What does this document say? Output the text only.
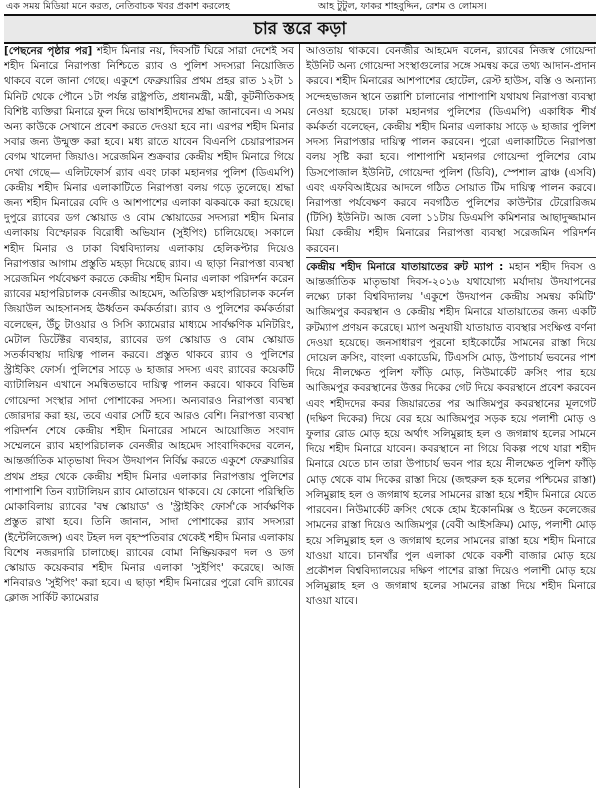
এক সময় মিডিয়া মনে করত, নেতিবাচক খবর প্রকাশ করলেহ	আহ টুটুল, ফাকর শাহবুদ্দিন, রেশম ও লোমস।
চার স্তরে কড়া

[পেছনের পৃষ্ঠার পর] শহীদ মিনার নয়, দিবসটি ঘিরে সারা দেশেই সব শহীদ মিনারে নিরাপত্তা নিশ্চিতে র‌্যাব ও পুলিশ সদস্যরা নিয়োজিত থাকবে বলে জানা গেছে। একুশে ফেব্রুয়ারির প্রথম প্রহর রাত ১২টা ১ মিনিট থেকে পৌনে ১টা পর্যন্ত রাষ্ট্রপতি, প্রধানমন্ত্রী, মন্ত্রী, কূটনীতিকসহ বিশিষ্ট ব্যক্তিরা মিনারে ফুল দিয়ে ভাষাশহীদদের শ্রদ্ধা জানাবেন। এ সময় অন্য কাউকে সেখানে প্রবেশ করতে দেওয়া হবে না। এরপর শহীদ মিনার সবার জন্য উন্মুক্ত করা হবে। মধ্য রাতে যাবেন বিএনপি চেয়ারপারসন বেগম খালেদা জিয়াও। সরেজমিন শুক্রবার কেন্দ্রীয় শহীদ মিনারে গিয়ে দেখা গেছে— এলিটফোর্স র‌্যাব এবং ঢাকা মহানগর পুলিশ (ডিএমপি) কেন্দ্রীয় শহীদ মিনার এলাকাটিতে নিরাপত্তা বলয় গড়ে তুলেছে। শ্রদ্ধা জন্য শহীদ মিনারের বেদি ও আশপাশের এলাকা ঝকঝকে করা হয়েছে। দুপুরে র‌্যাবের ডগ স্কোয়াড ও বোম স্কোয়াডের সদস্যরা শহীদ মিনার এলাকায় বিস্ফোরক বিরোধী অভিযান (সুইপিং) চালিয়েছে। সকালে শহীদ মিনার ও ঢাকা বিশ্ববিদ্যালয় এলাকায় হেলিকপ্টার দিয়েও নিরাপত্তার আগাম প্রস্তুতি মহড়া দিয়েছে র‌্যাব। এ ছাড়া নিরাপত্তা ব্যবস্থা সরেজমিন পর্যবেক্ষণ করতে কেন্দ্রীয় শহীদ মিনার এলাকা পরিদর্শন করেন র‌্যাবের মহাপরিচালক বেনজীর আহমেদ, অতিরিক্ত মহাপরিচালক কর্নেল জিয়াউল আহসানসহ ঊর্ধ্বতন কর্মকর্তারা। র‌্যাব ও পুলিশের কর্মকর্তারা বলেছেন, উঁচু টাওয়ার ও সিসি ক্যামেরার মাধ্যমে সার্বক্ষণিক মনিটরিং, মেটাল ডিটেক্টর ব্যবহার, র‌্যাবের ডগ স্কোয়াড ও বোম স্কোয়াড সতর্কাবস্থায় দায়িত্ব পালন করবে। প্রস্তুত থাকবে র‌্যাব ও পুলিশের স্ট্রাইকিং ফোর্স। পুলিশের সাড়ে ৬ হাজার সদস্য এবং র‌্যাবের কয়েকটি ব্যাটালিয়ন এখানে সমন্বিতভাবে দায়িত্ব পালন করবে। থাকবে বিভিন্ন গোয়েন্দা সংস্থার সাদা পোশাকের সদস্য। অন্যবারও নিরাপত্তা ব্যবস্থা জোরদার করা হয়, তবে এবার সেটি হবে আরও বেশি। নিরাপত্তা ব্যবস্থা পরিদর্শন শেষে কেন্দ্রীয় শহীদ মিনারের সামনে আয়োজিত সংবাদ সম্মেলনে র‌্যাব মহাপরিচালক বেনজীর আহমেদ সাংবাদিকদের বলেন, আন্তর্জাতিক মাতৃভাষা দিবস উদযাপন নির্বিঘ্ন করতে একুশে ফেব্রুয়ারির প্রথম প্রহর থেকে কেন্দ্রীয় শহীদ মিনার এলাকার নিরাপত্তায় পুলিশের পাশাপাশি তিন ব্যাটালিয়ন র‌্যাব মোতায়েন থাকবে। যে কোনো পরিস্থিতি মোকাবিলায় র‌্যাবের 'বম্ব স্কোয়াড' ও 'স্ট্রাইকিং ফোর্স'কে সার্বক্ষণিক প্রস্তুত রাখা হবে। তিনি জানান, সাদা পোশাকের র‌্যাব সদস্যরা (ইন্টেলিজেন্স) এবং টহল দল বৃহস্পতিবার থেকেই শহীদ মিনার এলাকায় বিশেষ নজরদারি চালাচ্ছে। র‌্যাবের বোমা নিষ্ক্রিয়করণ দল ও ডগ স্কোয়াড কয়েকবার শহীদ মিনার এলাকা 'সুইপিং' করেছে। আজ শনিবারও 'সুইপিং' করা হবে। এ ছাড়া শহীদ মিনারের পুরো বেদি র‌্যাবের ক্লোজ সার্কিট ক্যামেরার

আওতায় থাকবে। বেনজীর আহমেদ বলেন, র‌্যাবের নিজস্ব গোয়েন্দা ইউনিট অন্য গোয়েন্দা সংস্থাগুলোর সঙ্গে সমন্বয় করে তথ্য আদান-প্রদান করবে। শহীদ মিনারের আশপাশের হোটেল, রেস্ট হাউস, বস্তি ও অন্যান্য সন্দেহভাজন স্থানে তল্লাশি চালানোর পাশাপাশি যথাযথ নিরাপত্তা ব্যবস্থা নেওয়া হয়েছে। ঢাকা মহানগর পুলিশের (ডিএমপি) একাধিক শীর্ষ কর্মকর্তা বলেছেন, কেন্দ্রীয় শহীদ মিনার এলাকায় সাড়ে ৬ হাজার পুলিশ সদস্য নিরাপত্তার দায়িত্ব পালন করবেন। পুরো এলাকাটিতে নিরাপত্তা বলয় সৃষ্টি করা হবে। পাশাপাশি মহানগর গোয়েন্দা পুলিশের বোম ডিসপোজাল ইউনিট, গোয়েন্দা পুলিশ (ডিবি), স্পেশাল ব্রাঞ্চ (এসবি) এবং এফবিআইয়ের আদলে গঠিত সোয়াত টিম দায়িত্ব পালন করবে। নিরাপত্তা পর্যবেক্ষণ করবে নবগঠিত পুলিশের কাউন্টার টেরোরিজম (টিসি) ইউনিট। আজ বেলা ১১টায় ডিএমপি কমিশনার আছাদুজ্জামান মিয়া কেন্দ্রীয় শহীদ মিনারের নিরাপত্তা ব্যবস্থা সরেজমিন পরিদর্শন করবেন।

কেন্দ্রীয় শহীদ মিনারে যাতায়াতের রুট ম্যাপ : মহান শহীদ দিবস ও আন্তর্জাতিক মাতৃভাষা দিবস-২০১৬ যথাযোগ্য মর্যাদায় উদযাপনের লক্ষ্যে ঢাকা বিশ্ববিদ্যালয় 'একুশে উদযাপন কেন্দ্রীয় সমন্বয় কমিটি' আজিমপুর কবরস্থান ও কেন্দ্রীয় শহীদ মিনারে যাতায়াতের জন্য একটি রুটম্যাপ প্রণয়ন করেছে। ম্যাপ অনুযায়ী যাতায়াত ব্যবস্থার সংক্ষিপ্ত বর্ণনা দেওয়া হয়েছে। জনসাধারণ পুরনো হাইকোর্টের সামনের রাস্তা দিয়ে দোয়েল ক্রসিং, বাংলা একাডেমি, টিএসসি মোড়, উপাচার্য ভবনের পাশ দিয়ে নীলক্ষেত পুলিশ ফাঁড়ি মোড়, নিউমার্কেট ক্রসিং পার হয়ে আজিমপুর কবরস্থানের উত্তর দিকের গেট দিয়ে কবরস্থানে প্রবেশ করবেন এবং শহীদদের কবর জিয়ারতের পর আজিমপুর কবরস্থানের মূলগেট (দক্ষিণ দিকের) দিয়ে বের হয়ে আজিমপুর সড়ক হয়ে পলাশী মোড় ও ফুলার রোড মোড় হয়ে অর্থাৎ সলিমুল্লাহ হল ও জগন্নাথ হলের সামনে দিয়ে শহীদ মিনারে যাবেন। কবরস্থানে না গিয়ে বিকল্প পথে যারা শহীদ মিনারে যেতে চান তারা উপাচার্য ভবন পার হয়ে নীলক্ষেত পুলিশ ফাঁড়ি মোড় থেকে বাম দিকের রাস্তা দিয়ে (জহুরুল হক হলের পশ্চিমের রাস্তা) সলিমুল্লাহ হল ও জগন্নাথ হলের সামনের রাস্তা হয়ে শহীদ মিনারে যেতে পারবেন। নিউমার্কেট ক্রসিং থেকে হোম ইকোনমিক্স ও ইডেন কলেজের সামনের রাস্তা দিয়েও আজিমপুর (বেবী আইসক্রিম) মোড়, পলাশী মোড় হয়ে সলিমুল্লাহ হল ও জগন্নাথ হলের সামনের রাস্তা হয়ে শহীদ মিনারে যাওয়া যাবে। চানখাঁর পুল এলাকা থেকে বকশী বাজার মোড় হয়ে প্রকৌশল বিশ্ববিদ্যালয়ের দক্ষিণ পাশের রাস্তা দিয়েও পলাশী মোড় হয়ে সলিমুল্লাহ হল ও জগন্নাথ হলের সামনের রাস্তা দিয়ে শহীদ মিনারে যাওয়া যাবে।
